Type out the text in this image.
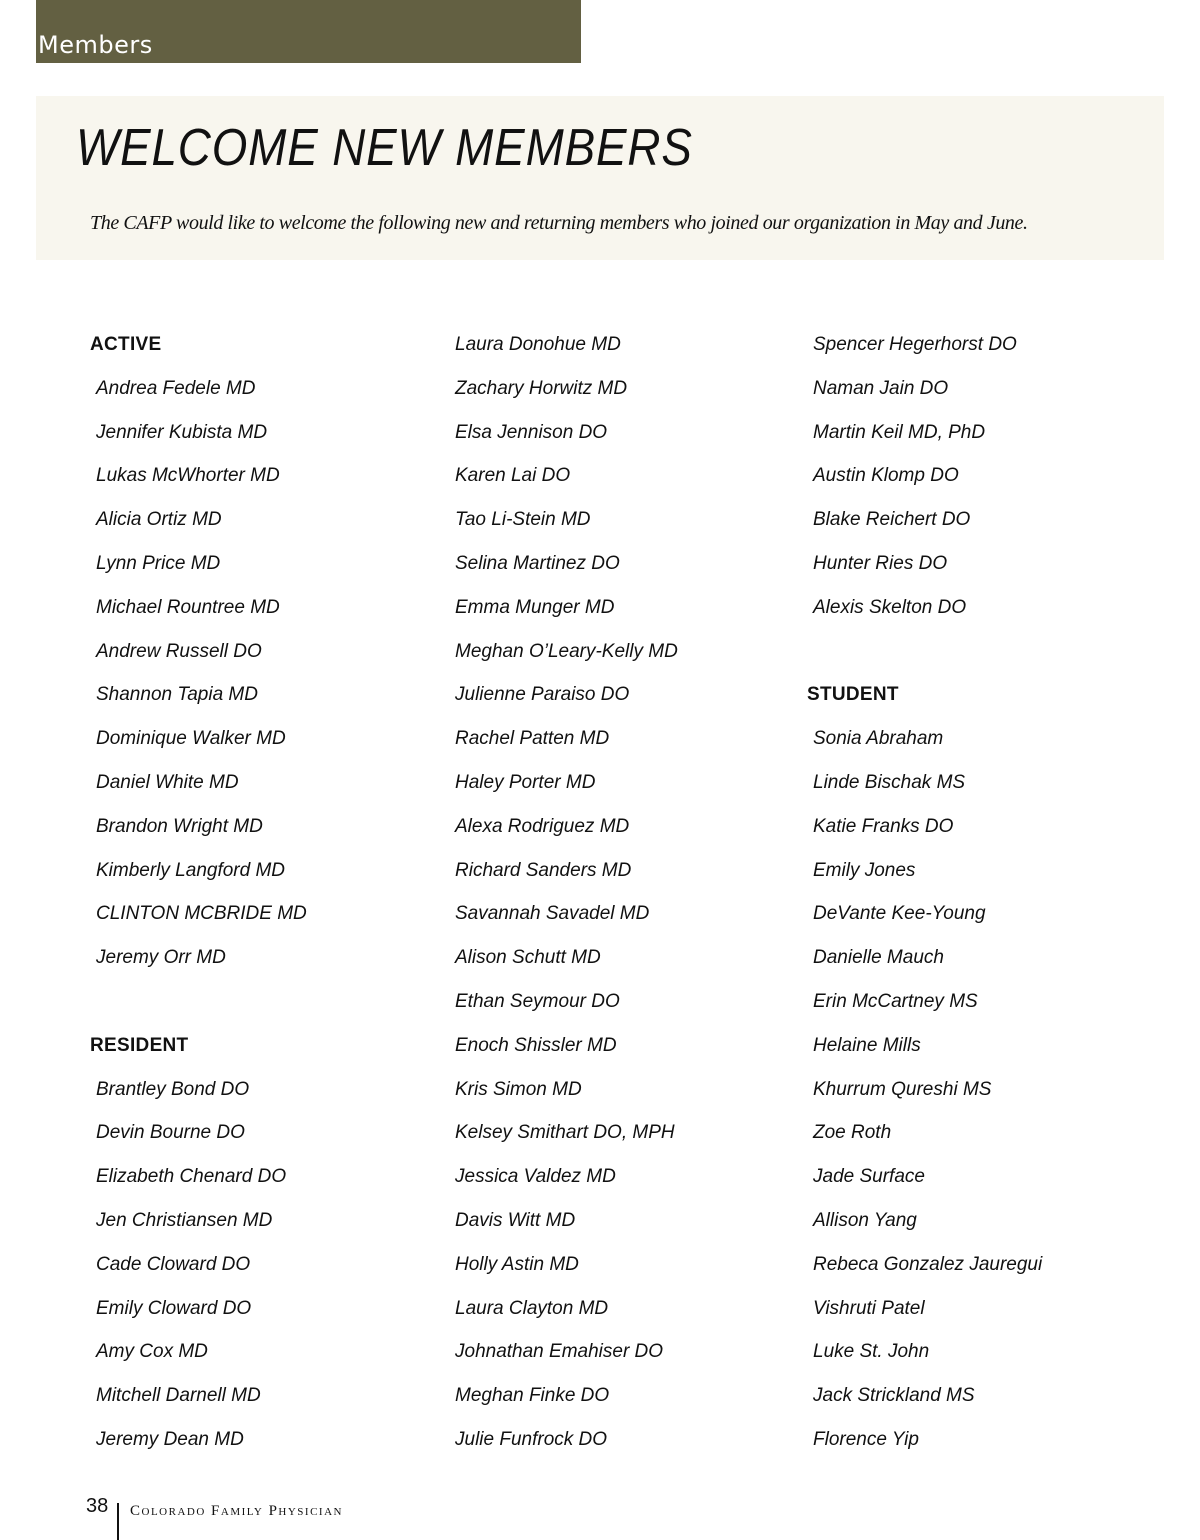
Members
WELCOME NEW MEMBERS

The CAFP would like to welcome the following new and returning members who joined our organization in May and June.

ACTIVE
Andrea Fedele MD
Jennifer Kubista MD
Lukas McWhorter MD
Alicia Ortiz MD
Lynn Price MD
Michael Rountree MD
Andrew Russell DO
Shannon Tapia MD
Dominique Walker MD
Daniel White MD
Brandon Wright MD
Kimberly Langford MD
CLINTON MCBRIDE MD
Jeremy Orr MD
RESIDENT
Brantley Bond DO
Devin Bourne DO
Elizabeth Chenard DO
Jen Christiansen MD
Cade Cloward DO
Emily Cloward DO
Amy Cox MD
Mitchell Darnell MD
Jeremy Dean MD
Laura Donohue MD
Zachary Horwitz MD
Elsa Jennison DO
Karen Lai DO
Tao Li-Stein MD
Selina Martinez DO
Emma Munger MD
Meghan O’Leary-Kelly MD
Julienne Paraiso DO
Rachel Patten MD
Haley Porter MD
Alexa Rodriguez MD
Richard Sanders MD
Savannah Savadel MD
Alison Schutt MD
Ethan Seymour DO
Enoch Shissler MD
Kris Simon MD
Kelsey Smithart DO, MPH
Jessica Valdez MD
Davis Witt MD
Holly Astin MD
Laura Clayton MD
Johnathan Emahiser DO
Meghan Finke DO
Julie Funfrock DO
Spencer Hegerhorst DO
Naman Jain DO
Martin Keil MD, PhD
Austin Klomp DO
Blake Reichert DO
Hunter Ries DO
Alexis Skelton DO
STUDENT
Sonia Abraham
Linde Bischak MS
Katie Franks DO
Emily Jones
DeVante Kee-Young
Danielle Mauch
Erin McCartney MS
Helaine Mills
Khurrum Qureshi MS
Zoe Roth
Jade Surface
Allison Yang
Rebeca Gonzalez Jauregui
Vishruti Patel
Luke St. John
Jack Strickland MS
Florence Yip
38 Colorado Family Physician
